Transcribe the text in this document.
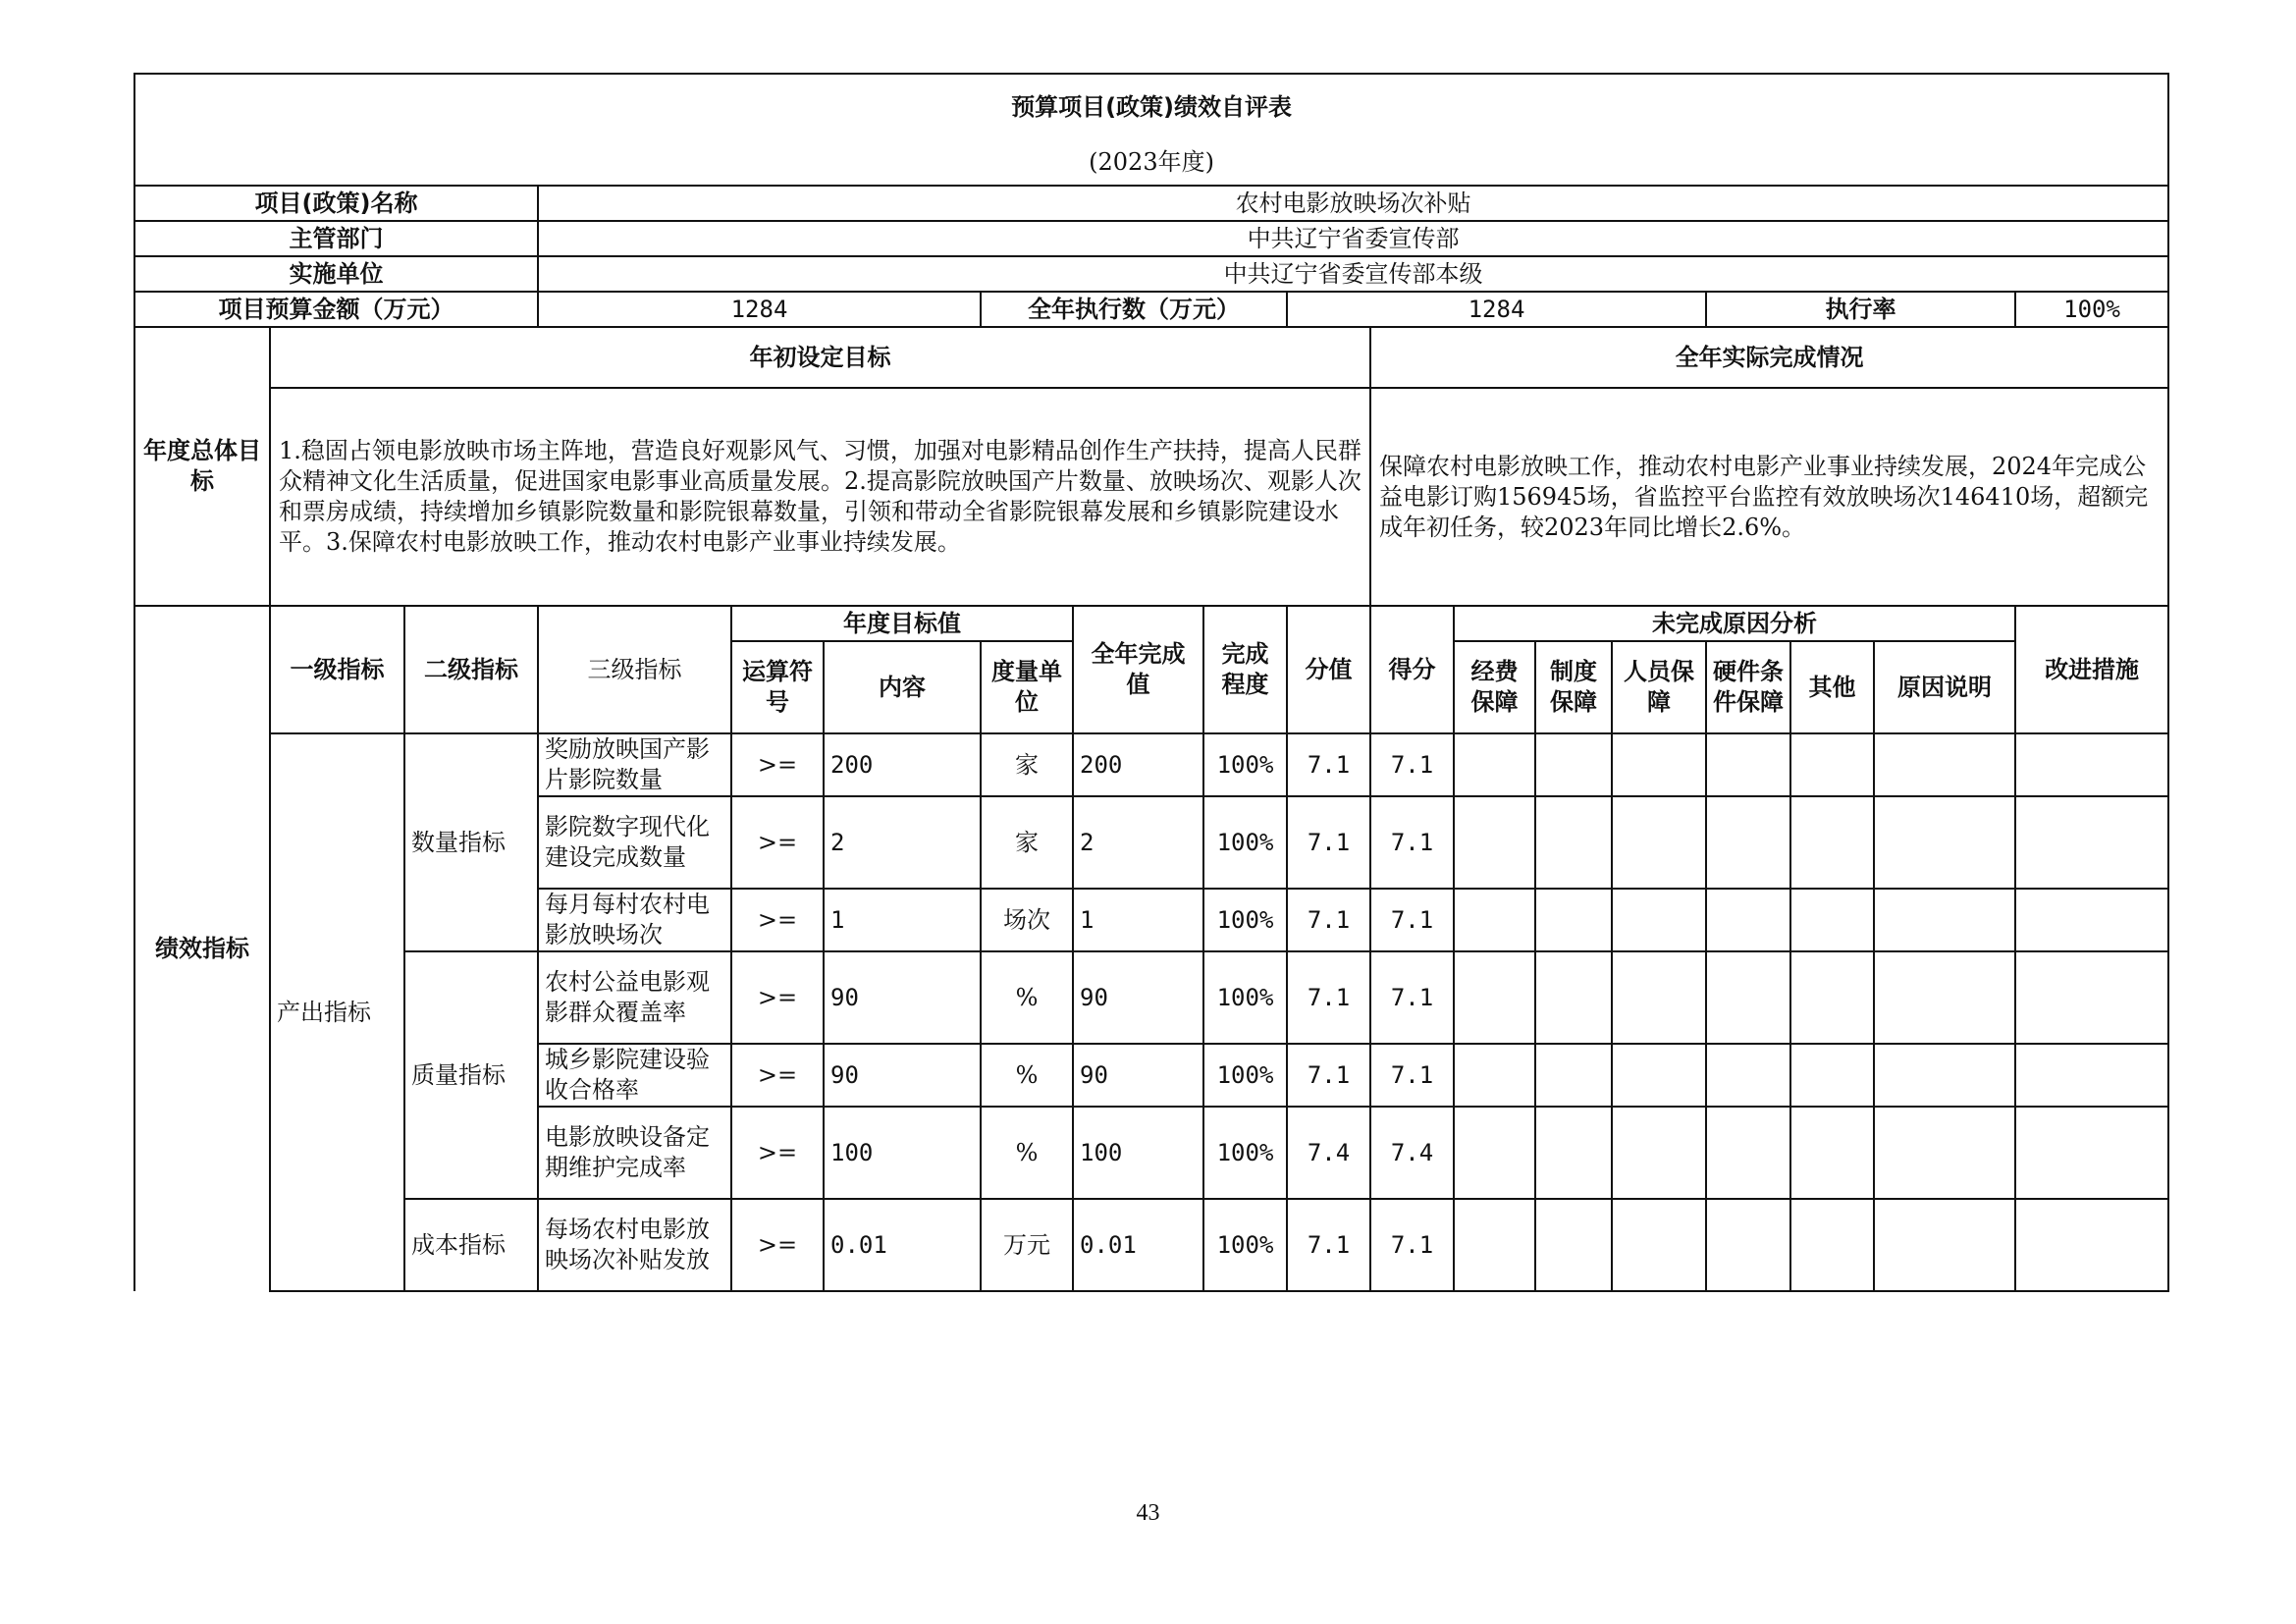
预算项目(政策)绩效自评表																	
(2023年度)																	
项目(政策)名称			农村电影放映场次补贴														
主管部门			中共辽宁省委宣传部														
实施单位			中共辽宁省委宣传部本级														
项目预算金额（万元）			1284			全年执行数（万元）			1284					执行率			100%
年度总体目标	年初设定目标									全年实际完成情况							
	1.稳固占领电影放映市场主阵地，营造良好观影风气、习惯，加强对电影精品创作生产扶持，提高人民群众精神文化生活质量，促进国家电影事业高质量发展。2.提高影院放映国产片数量、放映场次、观影人次和票房成绩，持续增加乡镇影院数量和影院银幕数量，引领和带动全省影院银幕发展和乡镇影院建设水平。3.保障农村电影放映工作，推动农村电影产业事业持续发展。									保障农村电影放映工作，推动农村电影产业事业持续发展，2024年完成公益电影订购156945场，省监控平台监控有效放映场次146410场，超额完成年初任务，较2023年同比增长2.6%。							
绩效指标	一级指标	二级指标	三级指标	年度目标值			全年完成值	完成程度	分值	得分	未完成原因分析						改进措施
				运算符号	内容	度量单位					经费保障	制度保障	人员保障	硬件条件保障	其他	原因说明	
	产出指标	数量指标	奖励放映国产影片影院数量	>=	200	家	200	100%	7.1	7.1							
			影院数字现代化建设完成数量	>=	2	家	2	100%	7.1	7.1							
			每月每村农村电影放映场次	>=	1	场次	1	100%	7.1	7.1							
		质量指标	农村公益电影观影群众覆盖率	>=	90	%	90	100%	7.1	7.1							
			城乡影院建设验收合格率	>=	90	%	90	100%	7.1	7.1							
			电影放映设备定期维护完成率	>=	100	%	100	100%	7.4	7.4							
		成本指标	每场农村电影放映场次补贴发放	>=	0.01	万元	0.01	100%	7.1	7.1							
43
